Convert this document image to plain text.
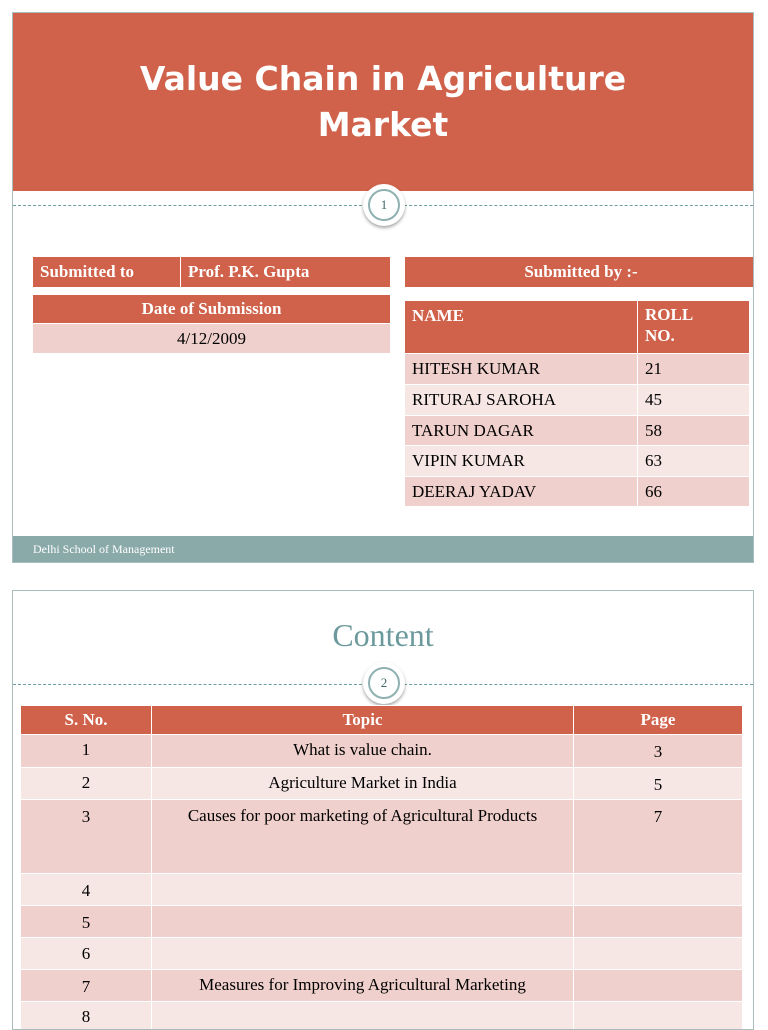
Value Chain in Agriculture Market
1
Submitted to	Prof. P.K. Gupta
Date of Submission
4/12/2009
Submitted by :-
NAME	ROLL NO.
HITESH KUMAR	21
RITURAJ SAROHA	45
TARUN DAGAR	58
VIPIN KUMAR	63
DEERAJ YADAV	66
Delhi School of Management
Content
2
S. No.	Topic	Page
1	What is value chain.	3
2	Agriculture Market in India	5
3	Causes for poor marketing of Agricultural Products	7
4		
5		
6		
7	Measures for Improving Agricultural Marketing	
8		
